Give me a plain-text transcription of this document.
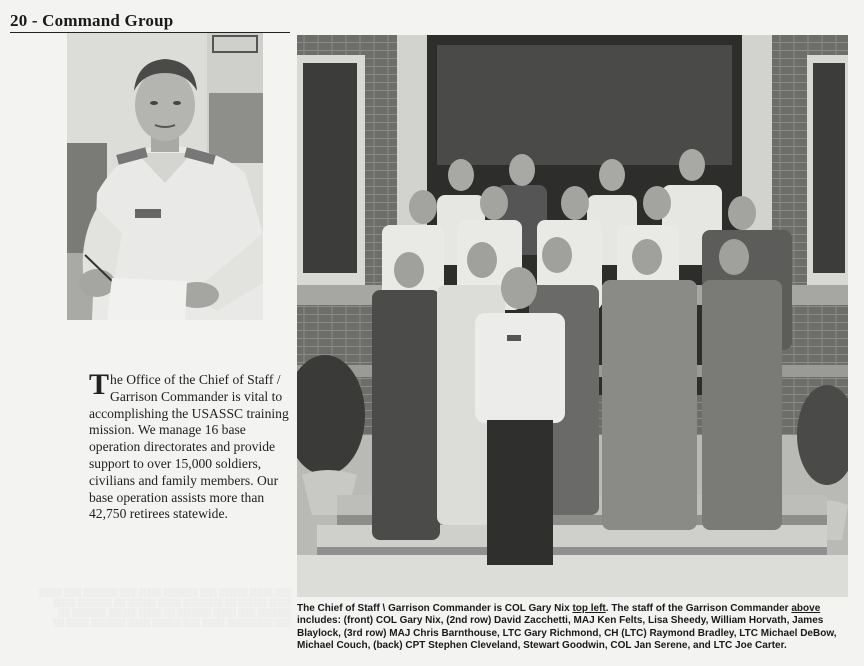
20 - Command Group
The Office of the Chief of Staff / Garrison Commander is vital to accomplishing the USASSC training mission. We manage 16 base operation directorates and provide support to over 15,000 soldiers, civilians and family members. Our base operation assists more than 42,750 retirees statewide.
░░░ ░░░░ ░░░░░ ░░░ ░░░░░░ ░░░░ ░░░ ░░░░░░ ░░░ ░░░░
░░░░ ░░░░░ ░░ ░░░░░░░ ░░░░ ░░░░░ ░░ ░░░░░░ ░░░░
░░░░░░ ░░░ ░░░░ ░░░░░░ ░░ ░░░░ ░░░░░ ░░░░░░ ░░
░░░ ░░░░░░░░ ░░░░ ░░░ ░░░░░ ░░░░ ░░░░░░ ░░░░ ░░
The Chief of Staff \ Garrison Commander is COL Gary Nix top left. The staff of the Garrison Commander above includes: (front) COL Gary Nix, (2nd row) David Zacchetti, MAJ Ken Felts, Lisa Sheedy, William Horvath, James Blaylock, (3rd row) MAJ Chris Barnthouse, LTC Gary Richmond, CH (LTC) Raymond Bradley, LTC Michael DeBow, Michael Couch, (back) CPT Stephen Cleveland, Stewart Goodwin, COL Jan Serene, and LTC Joe Carter.
